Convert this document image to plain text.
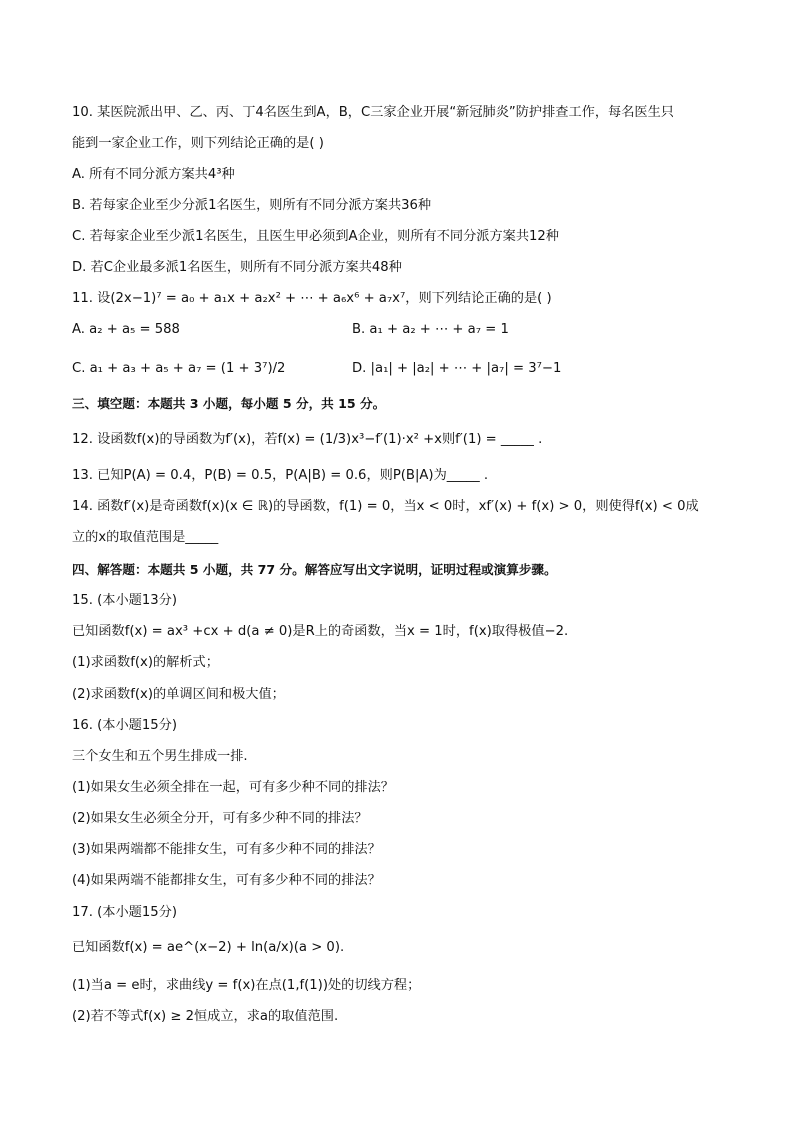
10. 某医院派出甲、乙、丙、丁4名医生到A，B，C三家企业开展“新冠肺炎”防护排查工作，每名医生只
能到一家企业工作，则下列结论正确的是( )
A. 所有不同分派方案共4³种
B. 若每家企业至少分派1名医生，则所有不同分派方案共36种
C. 若每家企业至少派1名医生，且医生甲必须到A企业，则所有不同分派方案共12种
D. 若C企业最多派1名医生，则所有不同分派方案共48种
11. 设(2x−1)⁷ = a₀ + a₁x + a₂x² + ⋯ + a₆x⁶ + a₇x⁷，则下列结论正确的是( )
A. a₂ + a₅ = 588	B. a₁ + a₂ + ⋯ + a₇ = 1
C. a₁ + a₃ + a₅ + a₇ = (1 + 3⁷)/2	D. |a₁| + |a₂| + ⋯ + |a₇| = 3⁷−1
三、填空题：本题共 3 小题，每小题 5 分，共 15 分。
12. 设函数f(x)的导函数为f′(x)，若f(x) = (1/3)x³−f′(1)·x² +x则f′(1) = _____ .
13. 已知P(A) = 0.4，P(B) = 0.5，P(A|B) = 0.6，则P(B|A)为_____ .
14. 函数f′(x)是奇函数f(x)(x ∈ ℝ)的导函数，f(1) = 0，当x < 0时，xf′(x) + f(x) > 0，则使得f(x) < 0成
立的x的取值范围是_____
四、解答题：本题共 5 小题，共 77 分。解答应写出文字说明，证明过程或演算步骤。
15. (本小题13分)
已知函数f(x) = ax³ +cx + d(a ≠ 0)是R上的奇函数，当x = 1时，f(x)取得极值−2.
(1)求函数f(x)的解析式；
(2)求函数f(x)的单调区间和极大值；
16. (本小题15分)
三个女生和五个男生排成一排.
(1)如果女生必须全排在一起，可有多少种不同的排法？
(2)如果女生必须全分开，可有多少种不同的排法？
(3)如果两端都不能排女生，可有多少种不同的排法？
(4)如果两端不能都排女生，可有多少种不同的排法？
17. (本小题15分)
已知函数f(x) = ae^(x−2) + ln(a/x)(a > 0).
(1)当a = e时，求曲线y = f(x)在点(1,f(1))处的切线方程；
(2)若不等式f(x) ≥ 2恒成立，求a的取值范围.
